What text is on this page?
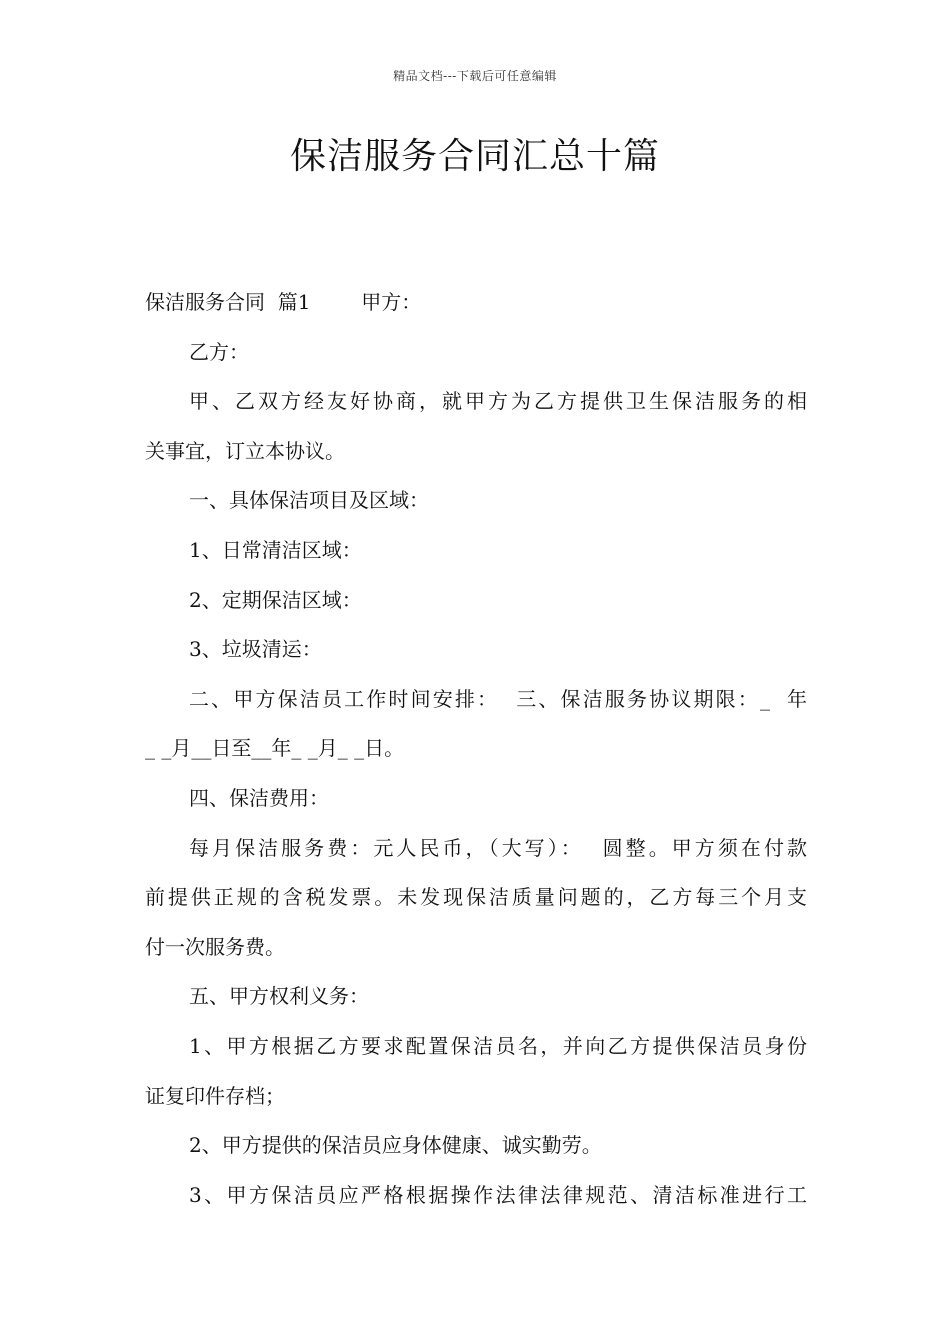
精品文档---下载后可任意编辑
保洁服务合同汇总十篇
保洁服务合同  篇1        甲方：
乙方：
甲、乙双方经友好协商，就甲方为乙方提供卫生保洁服务的相
关事宜，订立本协议。
一、具体保洁项目及区域：
1、日常清洁区域：
2、定期保洁区域：
3、垃圾清运：
二、甲方保洁员工作时间安排：  三、保洁服务协议期限：_  年
_ _月__日至__年_ _月_ _日。
四、保洁费用：
每月保洁服务费：元人民币，（大写）：  圆整。甲方须在付款
前提供正规的含税发票。未发现保洁质量问题的，乙方每三个月支
付一次服务费。
五、甲方权利义务：
1、甲方根据乙方要求配置保洁员名，并向乙方提供保洁员身份
证复印件存档；
2、甲方提供的保洁员应身体健康、诚实勤劳。
3、甲方保洁员应严格根据操作法律法律规范、清洁标准进行工
